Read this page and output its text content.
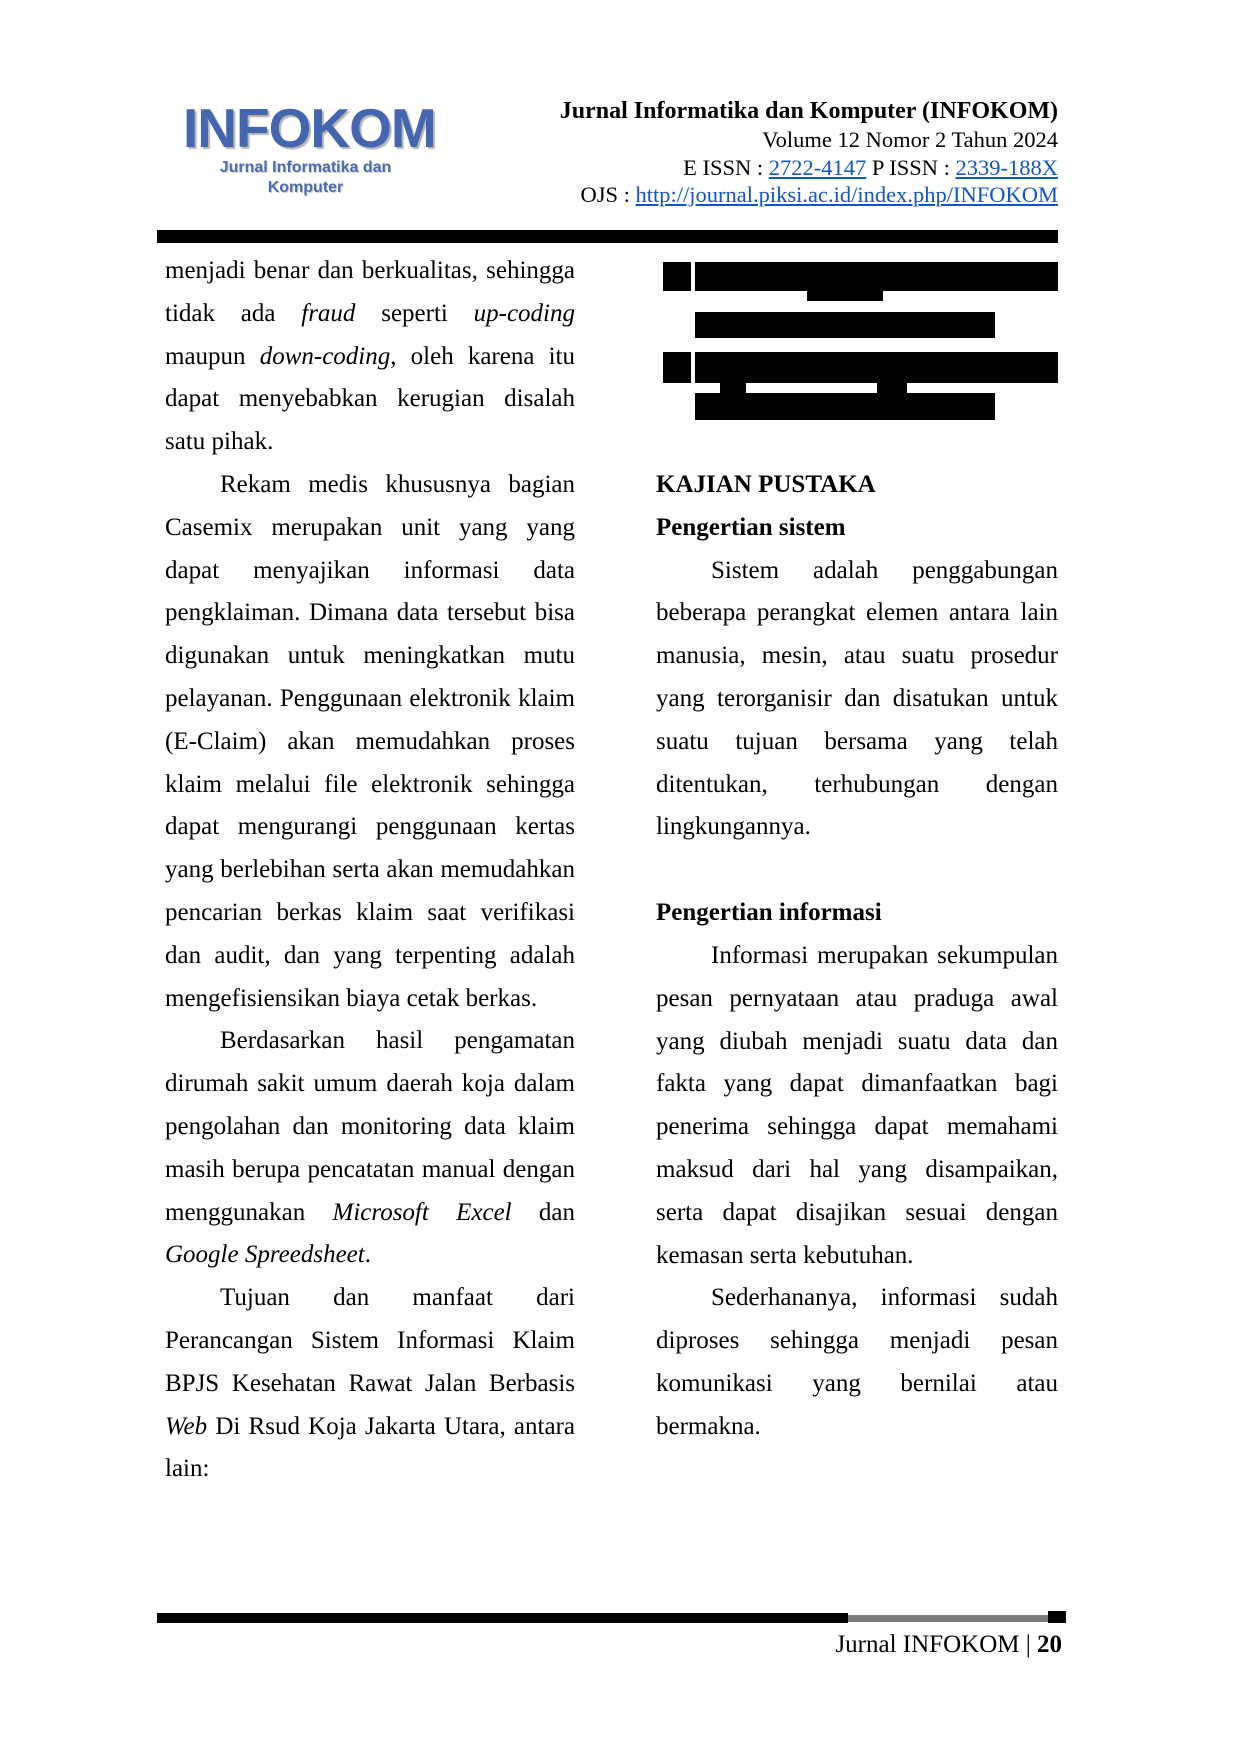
INFOKOM
Jurnal Informatika dan Komputer
Jurnal Informatika dan Komputer (INFOKOM)
Volume 12 Nomor 2 Tahun 2024
E ISSN : 2722-4147 P ISSN : 2339-188X
OJS : http://journal.piksi.ac.id/index.php/INFOKOM
menjadi benar dan berkualitas, sehingga tidak ada fraud seperti up-coding maupun down-coding, oleh karena itu dapat menyebabkan kerugian disalah satu pihak.
Rekam medis khususnya bagian Casemix merupakan unit yang yang dapat menyajikan informasi data pengklaiman. Dimana data tersebut bisa digunakan untuk meningkatkan mutu pelayanan. Penggunaan elektronik klaim (E-Claim) akan memudahkan proses klaim melalui file elektronik sehingga dapat mengurangi penggunaan kertas yang berlebihan serta akan memudahkan pencarian berkas klaim saat verifikasi dan audit, dan yang terpenting adalah mengefisiensikan biaya cetak berkas.
Berdasarkan hasil pengamatan dirumah sakit umum daerah koja dalam pengolahan dan monitoring data klaim masih berupa pencatatan manual dengan menggunakan Microsoft Excel dan Google Spreedsheet.
Tujuan dan manfaat dari Perancangan Sistem Informasi Klaim BPJS Kesehatan Rawat Jalan Berbasis Web Di Rsud Koja Jakarta Utara, antara lain:
KAJIAN PUSTAKA
Pengertian sistem
Sistem adalah penggabungan beberapa perangkat elemen antara lain manusia, mesin, atau suatu prosedur yang terorganisir dan disatukan untuk suatu tujuan bersama yang telah ditentukan, terhubungan dengan lingkungannya.
Pengertian informasi
Informasi merupakan sekumpulan pesan pernyataan atau praduga awal yang diubah menjadi suatu data dan fakta yang dapat dimanfaatkan bagi penerima sehingga dapat memahami maksud dari hal yang disampaikan, serta dapat disajikan sesuai dengan kemasan serta kebutuhan.
Sederhananya, informasi sudah diproses sehingga menjadi pesan komunikasi yang bernilai atau bermakna.
Jurnal INFOKOM | 20
